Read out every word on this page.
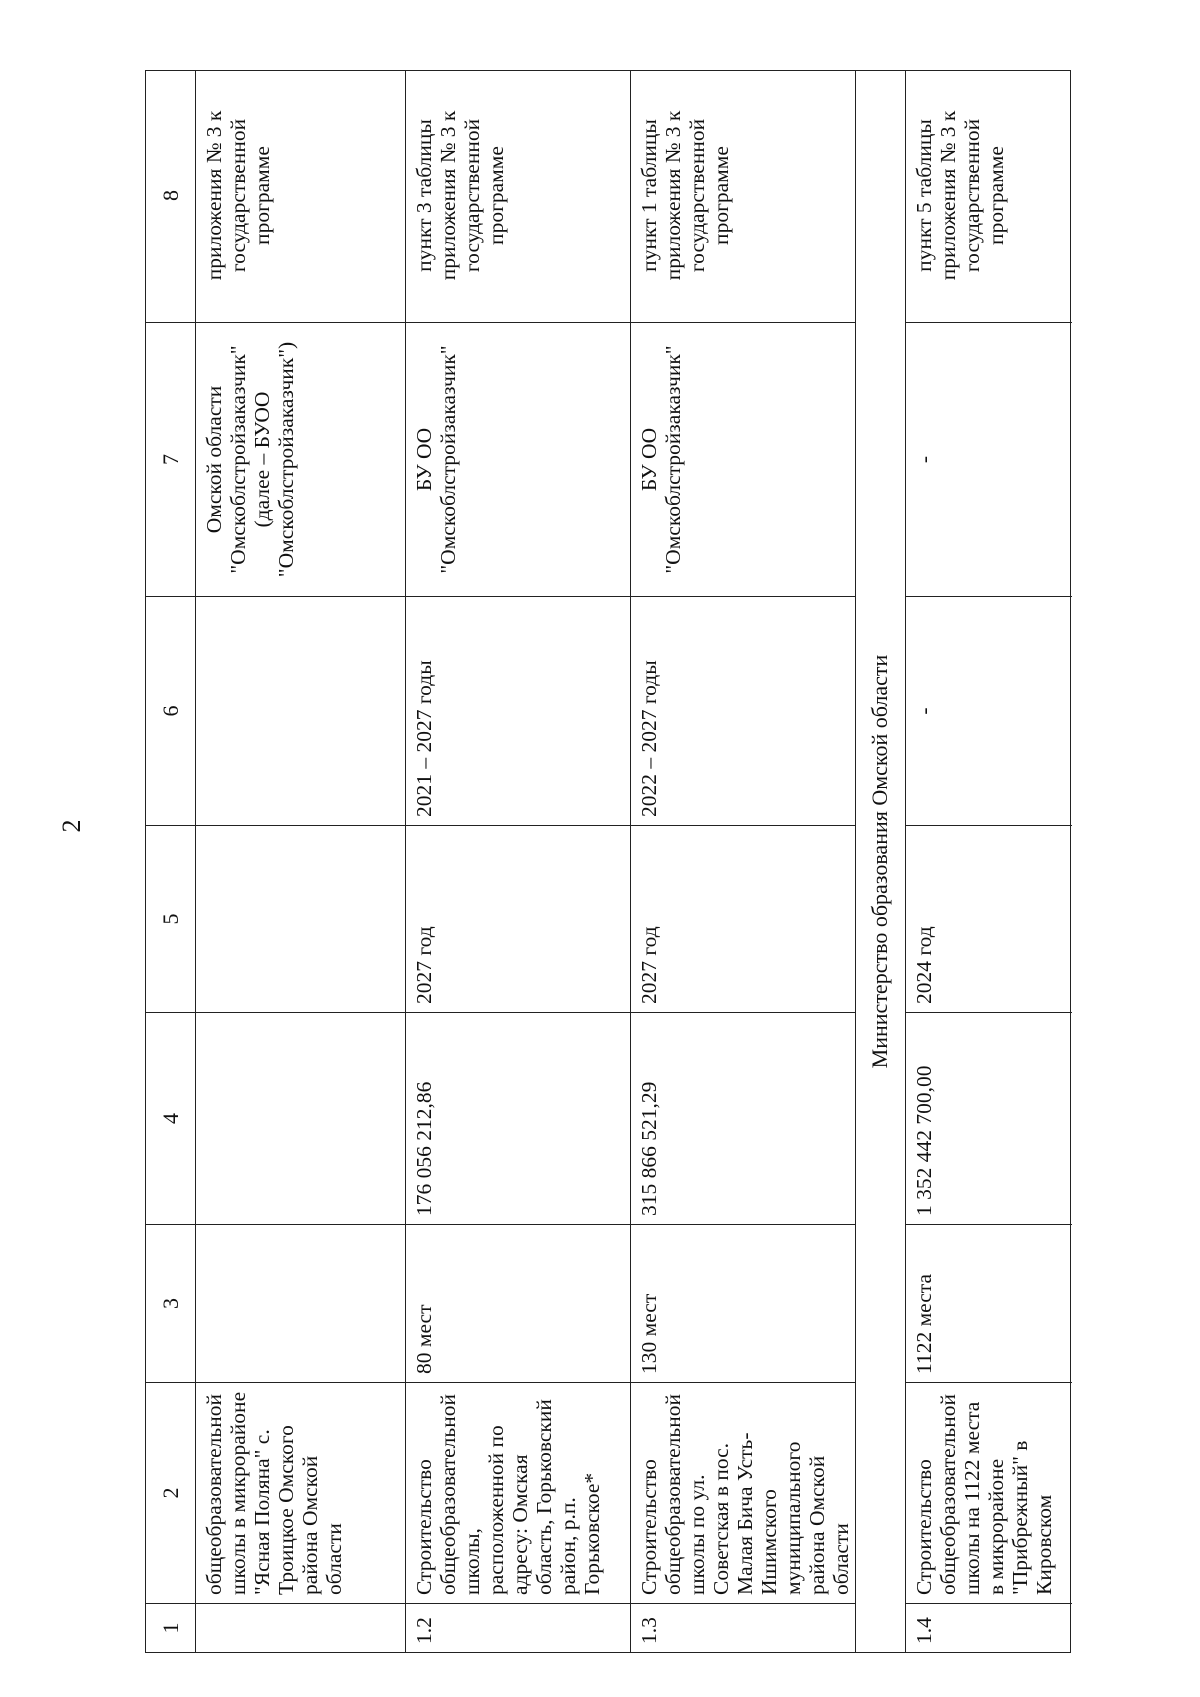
2
1
2
3
4
5
6
7
8
общеобразовательной школы в микрорайоне "Ясная Поляна" с. Троицкое Омского района Омской области
Омской области "Омскоблстройзаказчик" (далее – БУОО "Омскоблстройзаказчик")
приложения № 3 к государственной программе
1.2
Строительство общеобразовательной школы, расположенной по адресу: Омская область, Горьковский район, р.п. Горьковское*
80 мест
176 056 212,86
2027 год
2021 – 2027 годы
БУ ОО "Омскоблстройзаказчик"
пункт 3 таблицы приложения № 3 к государственной программе
1.3
Строительство общеобразовательной школы по ул. Советская в пос. Малая Бича Усть-Ишимского муниципального района Омской области
130 мест
315 866 521,29
2027 год
2022 – 2027 годы
БУ ОО "Омскоблстройзаказчик"
пункт 1 таблицы приложения № 3 к государственной программе
Министерство образования Омской области
1.4
Строительство общеобразовательной школы на 1122 места в микрорайоне "Прибрежный" в Кировском
1122 места
1 352 442 700,00
2024 год
-
-
пункт 5 таблицы приложения № 3 к государственной программе
